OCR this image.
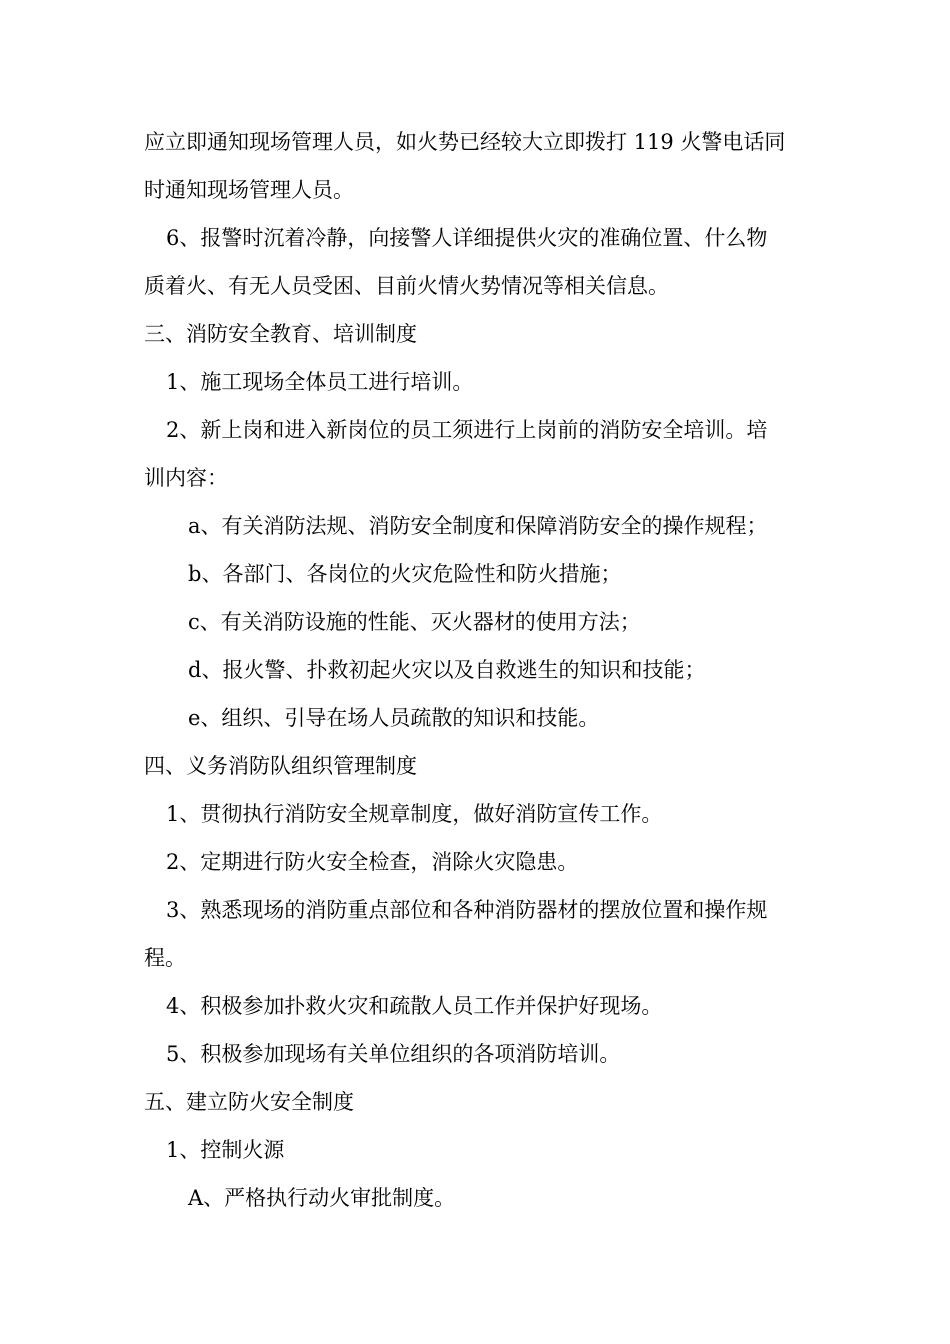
应立即通知现场管理人员，如火势已经较大立即拨打 119 火警电话同
时通知现场管理人员。
6、报警时沉着冷静，向接警人详细提供火灾的准确位置、什么物
质着火、有无人员受困、目前火情火势情况等相关信息。
三、消防安全教育、培训制度
1、施工现场全体员工进行培训。
2、新上岗和进入新岗位的员工须进行上岗前的消防安全培训。培
训内容：
a、有关消防法规、消防安全制度和保障消防安全的操作规程；
b、各部门、各岗位的火灾危险性和防火措施；
c、有关消防设施的性能、灭火器材的使用方法；
d、报火警、扑救初起火灾以及自救逃生的知识和技能；
e、组织、引导在场人员疏散的知识和技能。
四、义务消防队组织管理制度
1、贯彻执行消防安全规章制度，做好消防宣传工作。
2、定期进行防火安全检查，消除火灾隐患。
3、熟悉现场的消防重点部位和各种消防器材的摆放位置和操作规
程。
4、积极参加扑救火灾和疏散人员工作并保护好现场。
5、积极参加现场有关单位组织的各项消防培训。
五、建立防火安全制度
1、控制火源
A、严格执行动火审批制度。
